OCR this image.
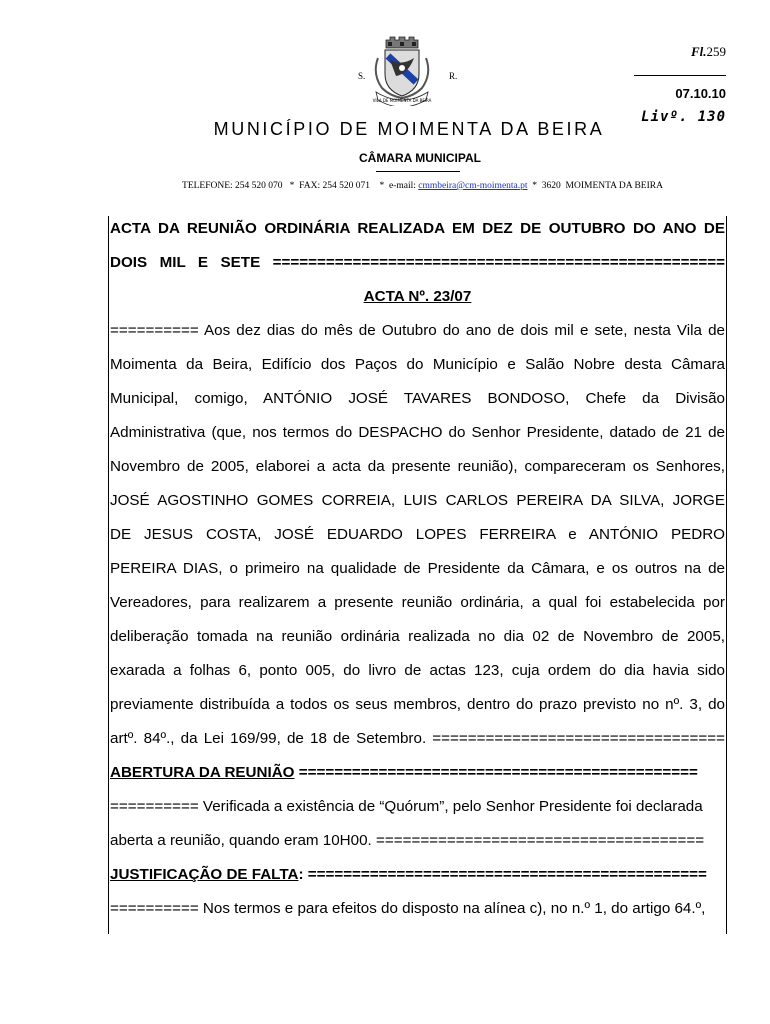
VILA DE MOIMENTA DA BEIRA
S.	R.
Fl.259
07.10.10
Livº. 130
MUNICÍPIO DE MOIMENTA DA BEIRA
CÂMARA MUNICIPAL
TELEFONE: 254 520 070   *  FAX: 254 520 071    *  e-mail: cmmbeira@cm-moimenta.pt  *  3620  MOIMENTA DA BEIRA
ACTA DA REUNIÃO ORDINÁRIA REALIZADA EM DEZ DE OUTUBRO DO ANO DE
DOIS MIL E SETE ===================================================
ACTA Nº. 23/07
========== Aos dez dias do mês de Outubro do ano de dois mil e sete, nesta Vila de
Moimenta da Beira, Edifício dos Paços do Município e Salão Nobre desta Câmara
Municipal, comigo, ANTÓNIO JOSÉ TAVARES BONDOSO, Chefe da Divisão
Administrativa (que, nos termos do DESPACHO do Senhor Presidente, datado de 21 de
Novembro de 2005, elaborei a acta da presente reunião), compareceram os Senhores,
JOSÉ AGOSTINHO GOMES CORREIA, LUIS CARLOS PEREIRA DA SILVA, JORGE
DE JESUS COSTA, JOSÉ EDUARDO LOPES FERREIRA e ANTÓNIO PEDRO
PEREIRA DIAS, o primeiro na qualidade de Presidente da Câmara, e os outros na de
Vereadores, para realizarem a presente reunião ordinária, a qual foi estabelecida por
deliberação tomada na reunião ordinária realizada no dia 02 de Novembro de 2005,
exarada a folhas 6, ponto 005, do livro de actas 123, cuja ordem do dia havia sido
previamente distribuída a todos os seus membros, dentro do prazo previsto no nº. 3, do
artº. 84º., da Lei 169/99, de 18 de Setembro. =================================
ABERTURA DA REUNIÃO =============================================
========== Verificada a existência de “Quórum”, pelo Senhor Presidente foi declarada
aberta a reunião, quando eram 10H00. =====================================
JUSTIFICAÇÃO DE FALTA: =============================================
========== Nos termos e para efeitos do disposto na alínea c), no n.º 1, do artigo 64.º,
